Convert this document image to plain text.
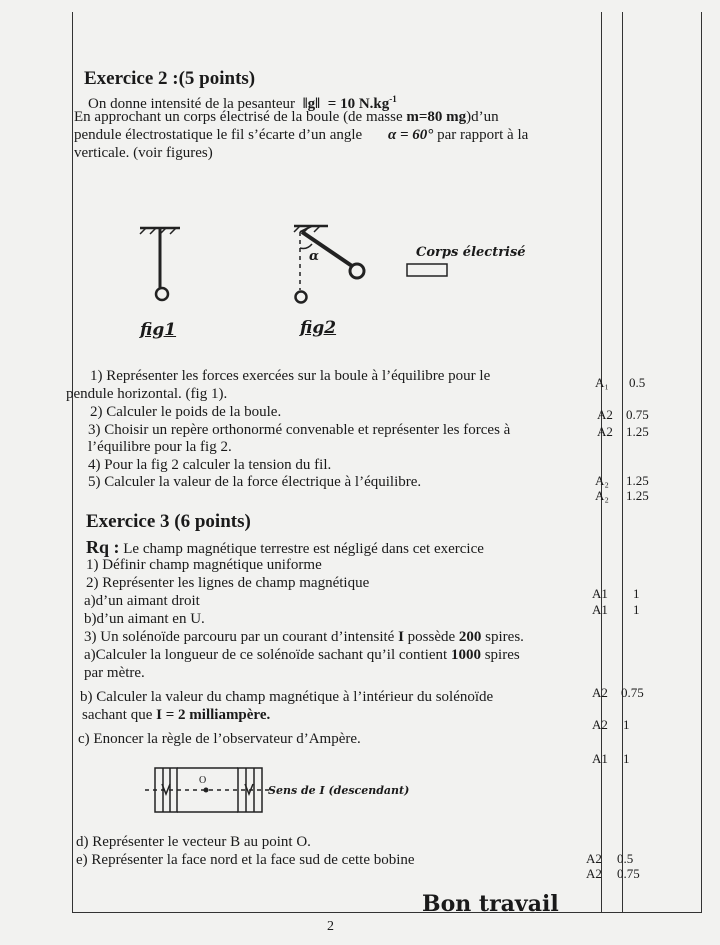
Exercice 2 :(5 points)
On donne intensité de la pesanteur ‖g‖ = 10 $N.kg^{-1}$
En approchant un corps électrisé de la boule (de masse m=80 mg)d’un
pendule électrostatique le fil s’écarte d’un angle α = 60° par rapport à la
verticale. (voir figures)
α	Corps électrisé
fig1	fig2
1) Représenter les forces exercées sur la boule à l’équilibre pour le
pendule horizontal. (fig 1).
2) Calculer le poids de la boule.
3) Choisir un repère orthonormé convenable et représenter les forces à
l’équilibre pour la fig 2.
4) Pour la fig 2 calculer la tension du fil.
5) Calculer la valeur de la force électrique à l’équilibre.
A₁	0.5
A2 0.75
A2 1.25
A₂	1.25
A₂	1.25
Exercice 3 (6 points)
Rq : Le champ magnétique terrestre est négligé dans cet exercice
1) Définir champ magnétique uniforme
2) Représenter les lignes de champ magnétique
a)d’un aimant droit
b)d’un aimant en U.
3) Un solénoïde parcouru par un courant d’intensité I possède 200 spires.
a)Calculer la longueur de ce solénoïde sachant qu’il contient 1000 spires
par mètre.
b) Calculer la valeur du champ magnétique à l’intérieur du solénoïde
sachant que I = 2 milliampère.
c) Enoncer la règle de l’observateur d’Ampère.
A1 1
A1 1
A2 0.75
A2 1
A1 1
A2 0.5
A2 0.75
O
Sens de I (descendant)
d) Représenter le vecteur B au point O.
e) Représenter la face nord et la face sud de cette bobine
Bon travail
2
